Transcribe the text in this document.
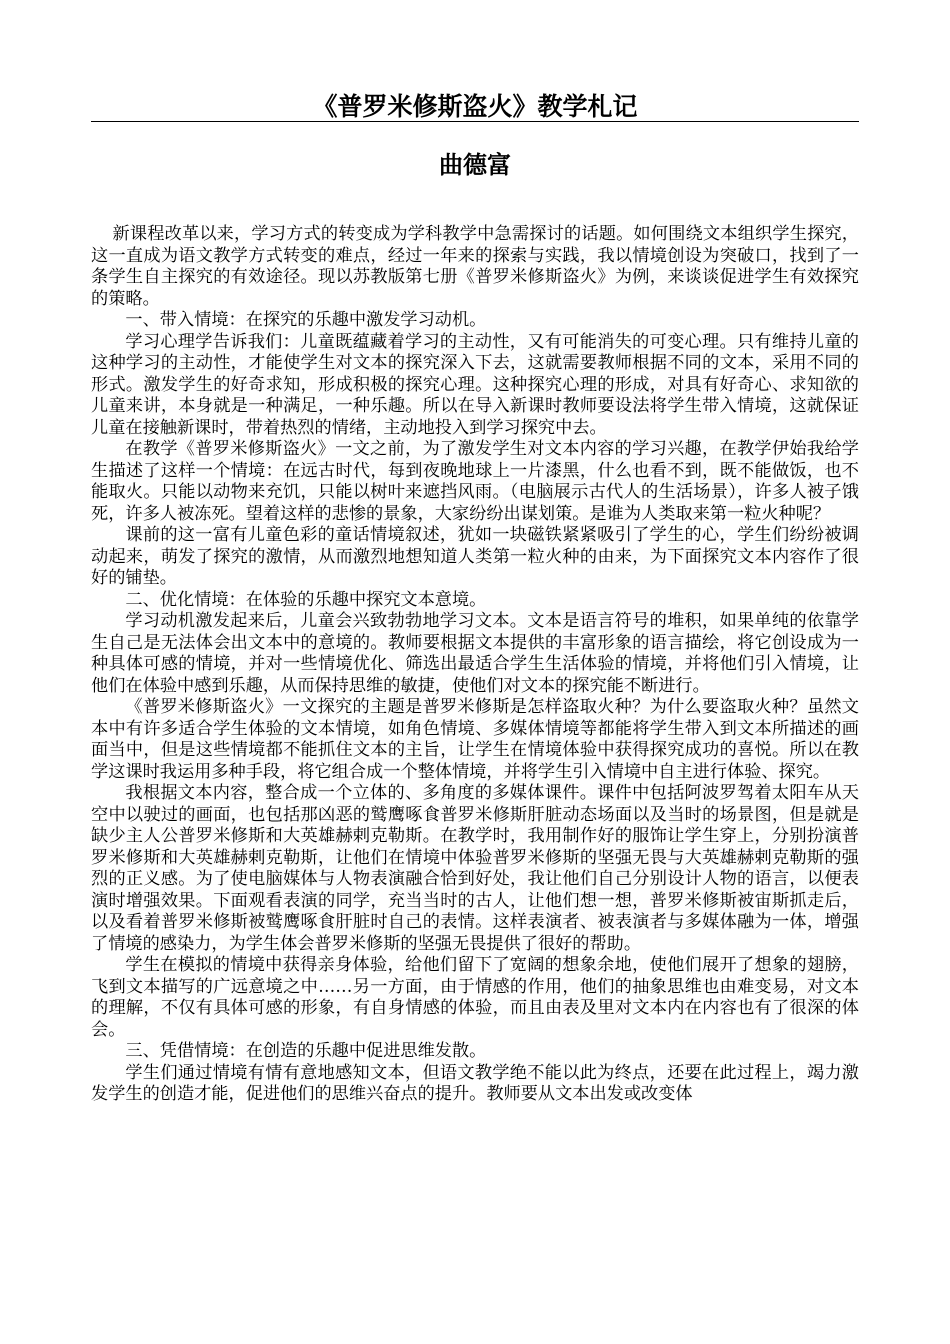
《普罗米修斯盗火》教学札记
曲德富

新课程改革以来，学习方式的转变成为学科教学中急需探讨的话题。如何围绕文本组织学生探究，这一直成为语文教学方式转变的难点，经过一年来的探索与实践，我以情境创设为突破口，找到了一条学生自主探究的有效途径。现以苏教版第七册《普罗米修斯盗火》为例，来谈谈促进学生有效探究的策略。

一、带入情境：在探究的乐趣中激发学习动机。

学习心理学告诉我们：儿童既蕴藏着学习的主动性，又有可能消失的可变心理。只有维持儿童的这种学习的主动性，才能使学生对文本的探究深入下去，这就需要教师根据不同的文本，采用不同的形式。激发学生的好奇求知，形成积极的探究心理。这种探究心理的形成，对具有好奇心、求知欲的儿童来讲，本身就是一种满足，一种乐趣。所以在导入新课时教师要设法将学生带入情境，这就保证儿童在接触新课时，带着热烈的情绪，主动地投入到学习探究中去。

在教学《普罗米修斯盗火》一文之前，为了激发学生对文本内容的学习兴趣，在教学伊始我给学生描述了这样一个情境：在远古时代，每到夜晚地球上一片漆黑，什么也看不到，既不能做饭，也不能取火。只能以动物来充饥，只能以树叶来遮挡风雨。（电脑展示古代人的生活场景），许多人被子饿死，许多人被冻死。望着这样的悲惨的景象，大家纷纷出谋划策。是谁为人类取来第一粒火种呢？

课前的这一富有儿童色彩的童话情境叙述，犹如一块磁铁紧紧吸引了学生的心，学生们纷纷被调动起来，萌发了探究的激情，从而激烈地想知道人类第一粒火种的由来，为下面探究文本内容作了很好的铺垫。

二、优化情境：在体验的乐趣中探究文本意境。

学习动机激发起来后，儿童会兴致勃勃地学习文本。文本是语言符号的堆积，如果单纯的依靠学生自己是无法体会出文本中的意境的。教师要根据文本提供的丰富形象的语言描绘，将它创设成为一种具体可感的情境，并对一些情境优化、筛选出最适合学生生活体验的情境，并将他们引入情境，让他们在体验中感到乐趣，从而保持思维的敏捷，使他们对文本的探究能不断进行。

《普罗米修斯盗火》一文探究的主题是普罗米修斯是怎样盗取火种？为什么要盗取火种？虽然文本中有许多适合学生体验的文本情境，如角色情境、多媒体情境等都能将学生带入到文本所描述的画面当中，但是这些情境都不能抓住文本的主旨，让学生在情境体验中获得探究成功的喜悦。所以在教学这课时我运用多种手段，将它组合成一个整体情境，并将学生引入情境中自主进行体验、探究。

我根据文本内容，整合成一个立体的、多角度的多媒体课件。课件中包括阿波罗驾着太阳车从天空中以驶过的画面，也包括那凶恶的鹫鹰啄食普罗米修斯肝脏动态场面以及当时的场景图，但是就是缺少主人公普罗米修斯和大英雄赫剌克勒斯。在教学时，我用制作好的服饰让学生穿上，分别扮演普罗米修斯和大英雄赫剌克勒斯，让他们在情境中体验普罗米修斯的坚强无畏与大英雄赫剌克勒斯的强烈的正义感。为了使电脑媒体与人物表演融合恰到好处，我让他们自己分别设计人物的语言，以便表演时增强效果。下面观看表演的同学，充当当时的古人，让他们想一想，普罗米修斯被宙斯抓走后，以及看着普罗米修斯被鹫鹰啄食肝脏时自己的表情。这样表演者、被表演者与多媒体融为一体，增强了情境的感染力，为学生体会普罗米修斯的坚强无畏提供了很好的帮助。

学生在模拟的情境中获得亲身体验，给他们留下了宽阔的想象余地，使他们展开了想象的翅膀，飞到文本描写的广远意境之中……另一方面，由于情感的作用，他们的抽象思维也由难变易，对文本的理解，不仅有具体可感的形象，有自身情感的体验，而且由表及里对文本内在内容也有了很深的体会。

三、凭借情境：在创造的乐趣中促进思维发散。

学生们通过情境有情有意地感知文本，但语文教学绝不能以此为终点，还要在此过程上，竭力激发学生的创造才能，促进他们的思维兴奋点的提升。教师要从文本出发或改变体
